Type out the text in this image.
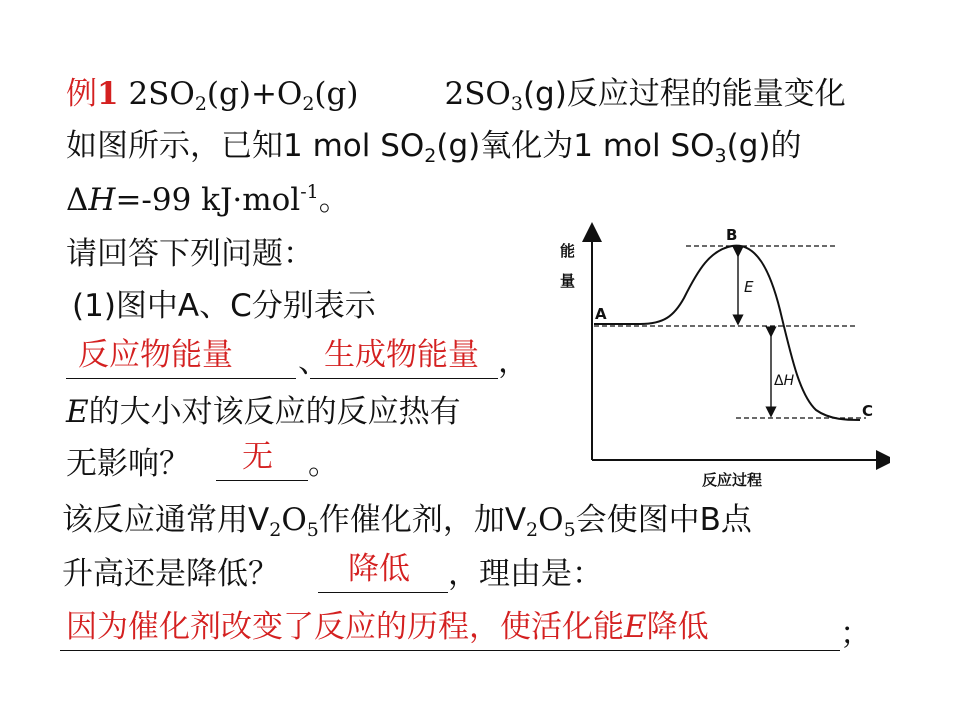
例1 $2SO_2(g)+O_2(g)$	$2SO_3(g)$反应过程的能量变化
如图所示，已知1 mol $SO_2(g)$氧化为1 mol $SO_3(g)$的
ΔH=-99 kJ·mol$^{-1}$。
请回答下列问题：
(1)图中A、C分别表示
反应物能量 、
生成物能量 ，
E的大小对该反应的反应热有
无影响？ 无 。
该反应通常用$V_2O_5$作催化剂，加$V_2O_5$会使图中B点
升高还是降低？ 降低 ，理由是：
因为催化剂改变了反应的历程，使活化能E降低	；
能
量
反应过程
A
B
C
E
ΔH
